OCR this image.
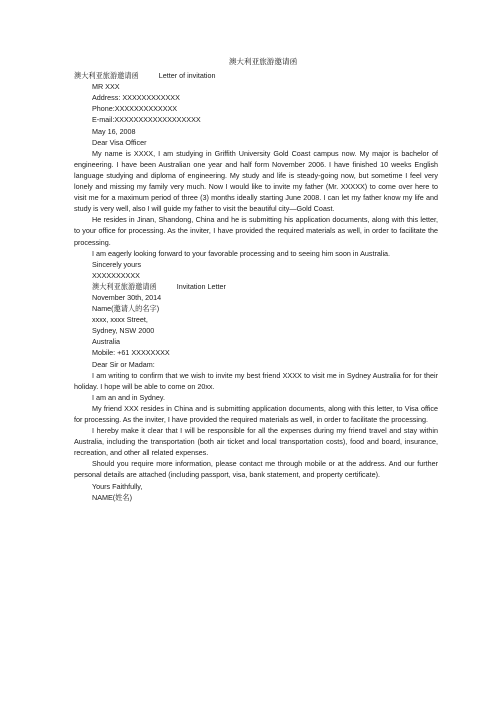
澳大利亚旅游邀请函
澳大利亚旅游邀请函	Letter of invitation
MR XXX
Address: XXXXXXXXXXXX
Phone:XXXXXXXXXXXXX
E-mail:XXXXXXXXXXXXXXXXXX
May 16, 2008
Dear Visa Officer
My name is XXXX, I am studying in Griffith University Gold Coast campus now. My major is bachelor of engineering. I have been Australian one year and half form November 2006. I have finished 10 weeks English language studying and diploma of engineering. My study and life is steady-going now, but sometime I feel very lonely and missing my family very much. Now I would like to invite my father (Mr. XXXXX) to come over here to visit me for a maximum period of three (3) months ideally starting June 2008. I can let my father know my life and study is very well, also I will guide my father to visit the beautiful city—Gold Coast.
He resides in Jinan, Shandong, China and he is submitting his application documents, along with this letter, to your office for processing. As the inviter, I have provided the required materials as well, in order to facilitate the processing.
I am eagerly looking forward to your favorable processing and to seeing him soon in Australia.
Sincerely yours
XXXXXXXXXX
澳大利亚旅游邀请函	Invitation Letter
November 30th, 2014
Name(邀请人的名字)
xxxx, xxxx Street,
Sydney, NSW 2000
Australia
Mobile: +61 XXXXXXXX
Dear Sir or Madam:
I am writing to confirm that we wish to invite my best friend XXXX to visit me in Sydney Australia for for their holiday. I hope will be able to come on 20xx.
I am an and in Sydney.
My friend XXX resides in China and is submitting application documents, along with this letter, to Visa office for processing. As the inviter, I have provided the required materials as well, in order to facilitate the processing.
I hereby make it clear that I will be responsible for all the expenses during my friend travel and stay within Australia, including the transportation (both air ticket and local transportation costs), food and board, insurance, recreation, and other all related expenses.
Should you require more information, please contact me through mobile or at the address. And our further personal details are attached (including passport, visa, bank statement, and property certificate).
Yours Faithfully,
NAME(姓名)
